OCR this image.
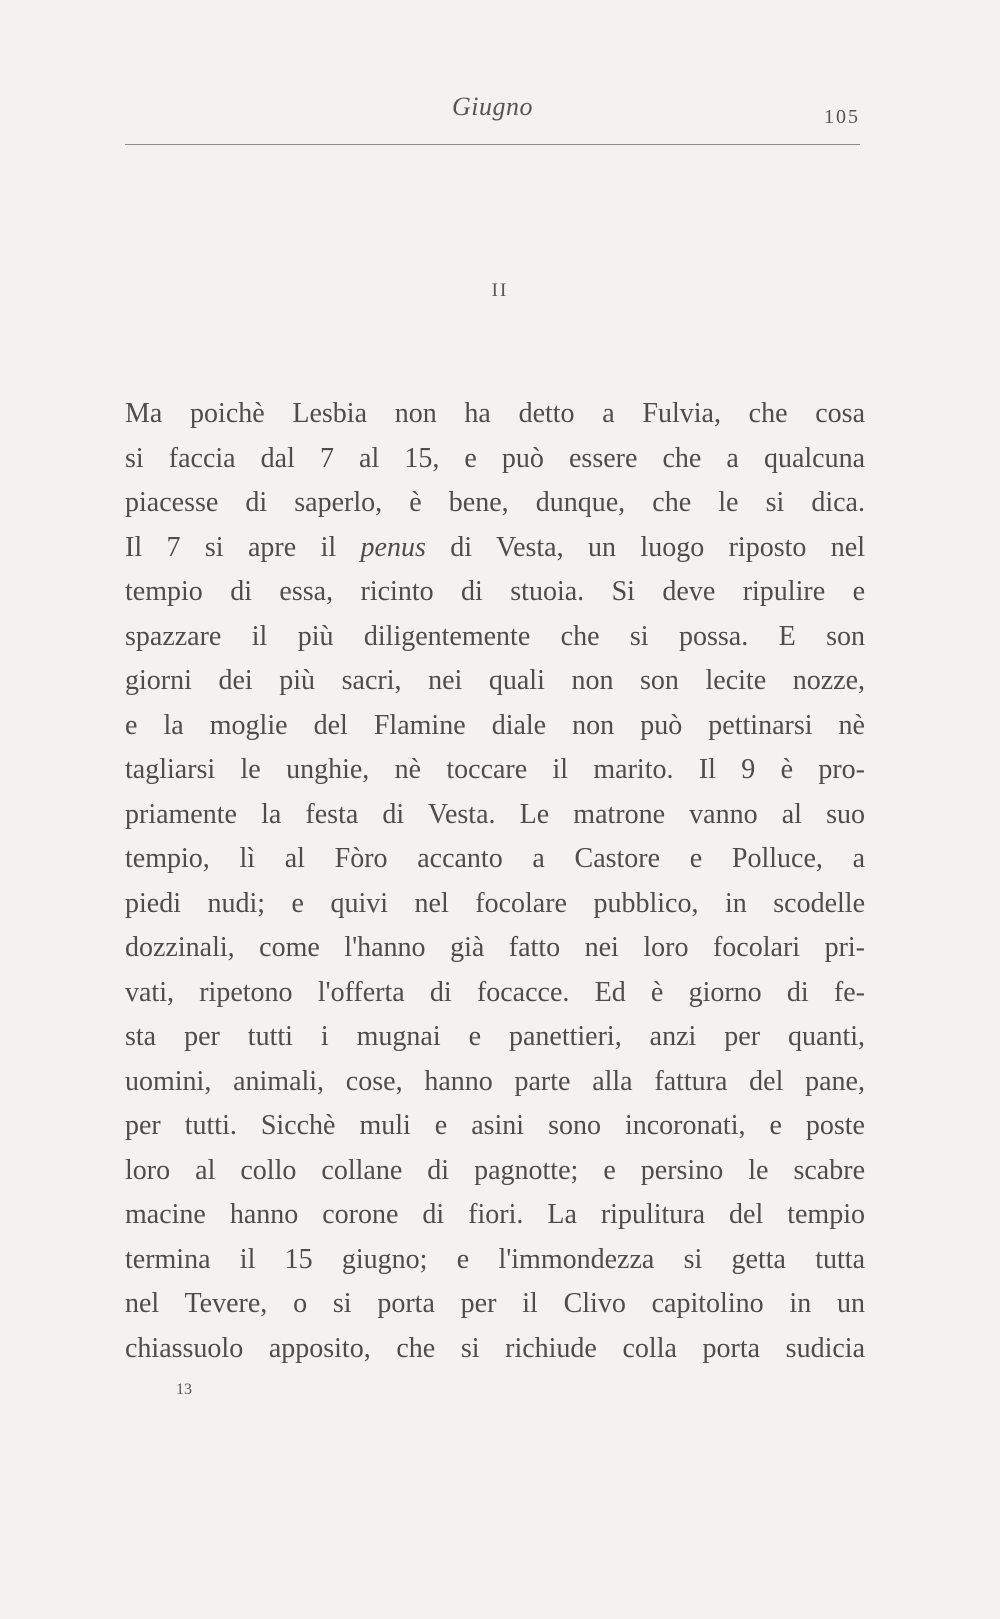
Giugno	105
II
Ma poichè Lesbia non ha detto a Fulvia, che cosa
si faccia dal 7 al 15, e può essere che a qualcuna
piacesse di saperlo, è bene, dunque, che le si dica.
Il 7 si apre il penus di Vesta, un luogo riposto nel
tempio di essa, ricinto di stuoia. Si deve ripulire e
spazzare il più diligentemente che si possa. E son
giorni dei più sacri, nei quali non son lecite nozze,
e la moglie del Flamine diale non può pettinarsi nè
tagliarsi le unghie, nè toccare il marito. Il 9 è pro-
priamente la festa di Vesta. Le matrone vanno al suo
tempio, lì al Fòro accanto a Castore e Polluce, a
piedi nudi; e quivi nel focolare pubblico, in scodelle
dozzinali, come l'hanno già fatto nei loro focolari pri-
vati, ripetono l'offerta di focacce. Ed è giorno di fe-
sta per tutti i mugnai e panettieri, anzi per quanti,
uomini, animali, cose, hanno parte alla fattura del pane,
per tutti. Sicchè muli e asini sono incoronati, e poste
loro al collo collane di pagnotte; e persino le scabre
macine hanno corone di fiori. La ripulitura del tempio
termina il 15 giugno; e l'immondezza si getta tutta
nel Tevere, o si porta per il Clivo capitolino in un
chiassuolo apposito, che si richiude colla porta sudicia
13
